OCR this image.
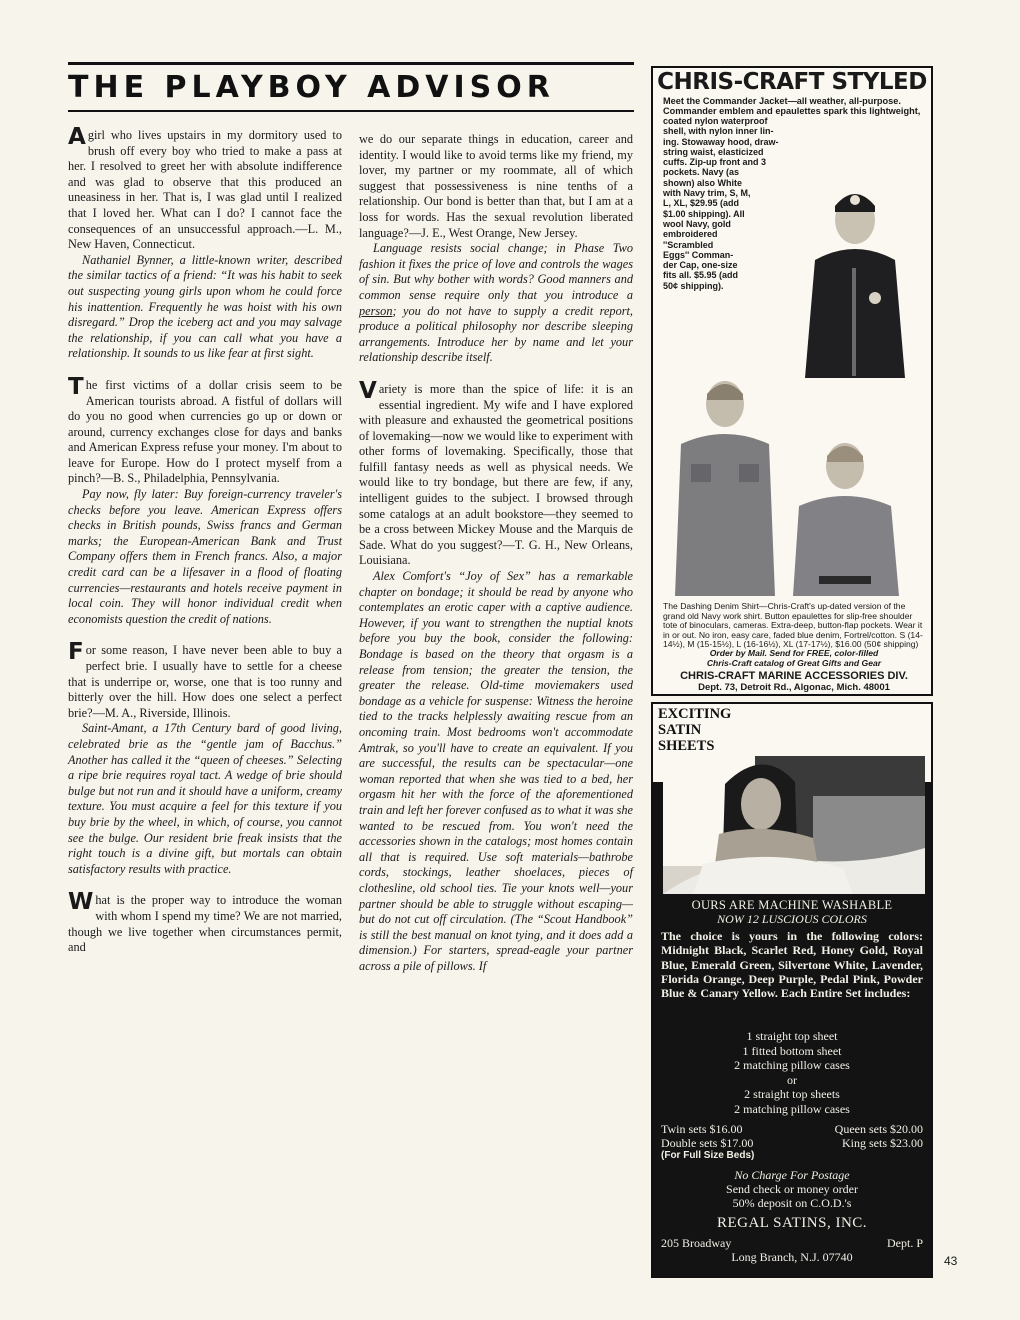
THE PLAYBOY ADVISOR

A girl who lives upstairs in my dormitory used to brush off every boy who tried to make a pass at her. I resolved to greet her with absolute indifference and was glad to observe that this produced an uneasiness in her. That is, I was glad until I realized that I loved her. What can I do? I cannot face the consequences of an unsuccessful approach.—L. M., New Haven, Connecticut.

Nathaniel Bynner, a little-known writer, described the similar tactics of a friend: “It was his habit to seek out suspecting young girls upon whom he could force his inattention. Frequently he was hoist with his own disregard.” Drop the iceberg act and you may salvage the relationship, if you can call what you have a relationship. It sounds to us like fear at first sight.

The first victims of a dollar crisis seem to be American tourists abroad. A fistful of dollars will do you no good when currencies go up or down or around, currency exchanges close for days and banks and American Express refuse your money. I'm about to leave for Europe. How do I protect myself from a pinch?—B. S., Philadelphia, Pennsylvania.

Pay now, fly later: Buy foreign-currency traveler's checks before you leave. American Express offers checks in British pounds, Swiss francs and German marks; the European-American Bank and Trust Company offers them in French francs. Also, a major credit card can be a lifesaver in a flood of floating currencies—restaurants and hotels receive payment in local coin. They will honor individual credit when economists question the credit of nations.

For some reason, I have never been able to buy a perfect brie. I usually have to settle for a cheese that is underripe or, worse, one that is too runny and bitterly over the hill. How does one select a perfect brie?—M. A., Riverside, Illinois.

Saint-Amant, a 17th Century bard of good living, celebrated brie as the “gentle jam of Bacchus.” Another has called it the “queen of cheeses.” Selecting a ripe brie requires royal tact. A wedge of brie should bulge but not run and it should have a uniform, creamy texture. You must acquire a feel for this texture if you buy brie by the wheel, in which, of course, you cannot see the bulge. Our resident brie freak insists that the right touch is a divine gift, but mortals can obtain satisfactory results with practice.

What is the proper way to introduce the woman with whom I spend my time? We are not married, though we live together when circumstances permit, and

we do our separate things in education, career and identity. I would like to avoid terms like my friend, my lover, my partner or my roommate, all of which suggest that possessiveness is nine tenths of a relationship. Our bond is better than that, but I am at a loss for words. Has the sexual revolution liberated language?—J. E., West Orange, New Jersey.

Language resists social change; in Phase Two fashion it fixes the price of love and controls the wages of sin. But why bother with words? Good manners and common sense require only that you introduce a person; you do not have to supply a credit report, produce a political philosophy nor describe sleeping arrangements. Introduce her by name and let your relationship describe itself.

Variety is more than the spice of life: it is an essential ingredient. My wife and I have explored with pleasure and exhausted the geometrical positions of lovemaking—now we would like to experiment with other forms of lovemaking. Specifically, those that fulfill fantasy needs as well as physical needs. We would like to try bondage, but there are few, if any, intelligent guides to the subject. I browsed through some catalogs at an adult bookstore—they seemed to be a cross between Mickey Mouse and the Marquis de Sade. What do you suggest?—T. G. H., New Orleans, Louisiana.

Alex Comfort's “Joy of Sex” has a remarkable chapter on bondage; it should be read by anyone who contemplates an erotic caper with a captive audience. However, if you want to strengthen the nuptial knots before you buy the book, consider the following: Bondage is based on the theory that orgasm is a release from tension; the greater the tension, the greater the release. Old-time moviemakers used bondage as a vehicle for suspense: Witness the heroine tied to the tracks helplessly awaiting rescue from an oncoming train. Most bedrooms won't accommodate Amtrak, so you'll have to create an equivalent. If you are successful, the results can be spectacular—one woman reported that when she was tied to a bed, her orgasm hit her with the force of the aforementioned train and left her forever confused as to what it was she wanted to be rescued from. You won't need the accessories shown in the catalogs; most homes contain all that is required. Use soft materials—bathrobe cords, stockings, leather shoelaces, pieces of clothesline, old school ties. Tie your knots well—your partner should be able to struggle without escaping—but do not cut off circulation. (The “Scout Handbook” is still the best manual on knot tying, and it does add a dimension.) For starters, spread-eagle your partner across a pile of pillows. If

CHRIS-CRAFT STYLED
Meet the Commander Jacket—all weather, all-purpose. Commander emblem and epaulettes spark this lightweight,
coated nylon waterproof
shell, with nylon inner lin-
ing. Stowaway hood, draw-
string waist, elasticized
cuffs. Zip-up front and 3
pockets. Navy (as
shown) also White
with Navy trim, S, M,
L, XL, $29.95 (add
$1.00 shipping). All
wool Navy, gold
embroidered
''Scrambled
Eggs'' Comman-
der Cap, one-size
fits all. $5.95 (add
50¢ shipping).
The Dashing Denim Shirt—Chris-Craft's up-dated version of the grand old Navy work shirt. Button epaulettes for slip-free shoulder tote of binoculars, cameras. Extra-deep, button-flap pockets. Wear it in or out. No iron, easy care, faded blue denim, Fortrel/cotton. S (14-14½), M (15-15½), L (16-16½), XL (17-17½), $16.00 (50¢ shipping)
Order by Mail. Send for FREE, color-filled
Chris-Craft catalog of Great Gifts and Gear
CHRIS-CRAFT MARINE ACCESSORIES DIV.
Dept. 73, Detroit Rd., Algonac, Mich. 48001
EXCITING
SATIN
SHEETS
OURS ARE MACHINE WASHABLE
NOW 12 LUSCIOUS COLORS
The choice is yours in the following colors: Midnight Black, Scarlet Red, Honey Gold, Royal Blue, Emerald Green, Silvertone White, Lavender, Florida Orange, Deep Purple, Pedal Pink, Powder Blue & Canary Yellow. Each Entire Set includes:
1 straight top sheet
1 fitted bottom sheet
2 matching pillow cases
or
2 straight top sheets
2 matching pillow cases
Twin sets $16.00	Queen sets $20.00
Double sets $17.00	King sets $23.00
(For Full Size Beds)
No Charge For Postage
Send check or money order
50% deposit on C.O.D.'s
REGAL SATINS, INC.
205 Broadway	Dept. P
Long Branch, N.J. 07740	43
